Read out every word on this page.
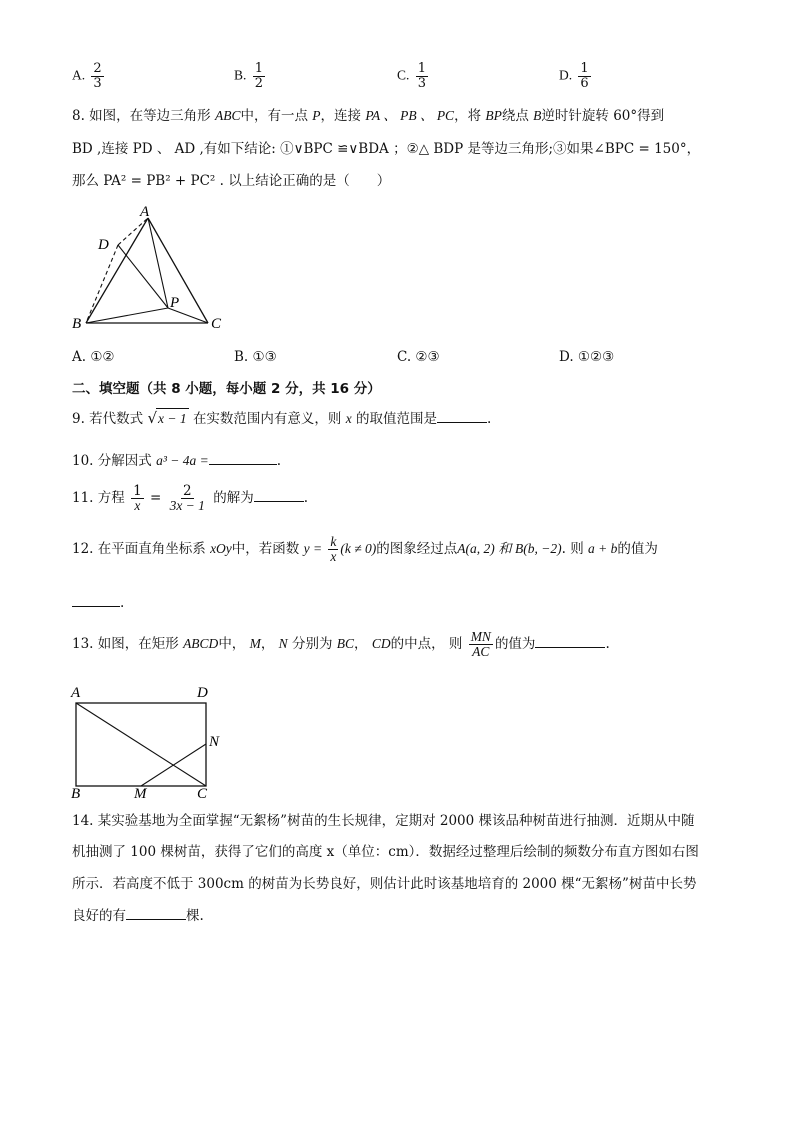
A. $\frac{2}{3}$	B. $\frac{1}{2}$	C. $\frac{1}{3}$	D. $\frac{1}{6}$
8. 如图，在等边三角形 ABC中，有一点 P，连接 PA 、 PB 、 PC，将 BP绕点 B逆时针旋转 60°得到
BD ,连接 PD 、 AD ,有如下结论: ①∨BPC ≌∨BDA ；②△ BDP 是等边三角形;③如果∠BPC = 150°，
那么 PA² = PB² + PC² . 以上结论正确的是（　　）
A
D
P
B	C
A. ①②	B. ①③	C. ②③	D. ①②③
二、填空题（共 8 小题，每小题 2 分，共 16 分）
9. 若代数式 √x − 1 在实数范围内有意义，则 x 的取值范围是	.
10. 分解因式 a³ − 4a =	.
11. 方程 $\frac{1}{x} = \frac{2}{3x - 1}$ 的解为	.
12. 在平面直角坐标系 xOy中，若函数 $y = \frac{k}{x} (k \ne 0)$的图象经过点A(a, 2) 和 B(b, −2). 则 a + b的值为
.
13. 如图，在矩形 ABCD中， M， N 分别为 BC， CD的中点， 则 $\frac{MN}{AC}$ 的值为	.
A	D
N
B	M	C
14. 某实验基地为全面掌握“无絮杨”树苗的生长规律，定期对 2000 棵该品种树苗进行抽测．近期从中随
机抽测了 100 棵树苗，获得了它们的高度 x（单位：cm）．数据经过整理后绘制的频数分布直方图如右图
所示．若高度不低于 300cm 的树苗为长势良好，则估计此时该基地培育的 2000 棵“无絮杨”树苗中长势
良好的有	棵.
